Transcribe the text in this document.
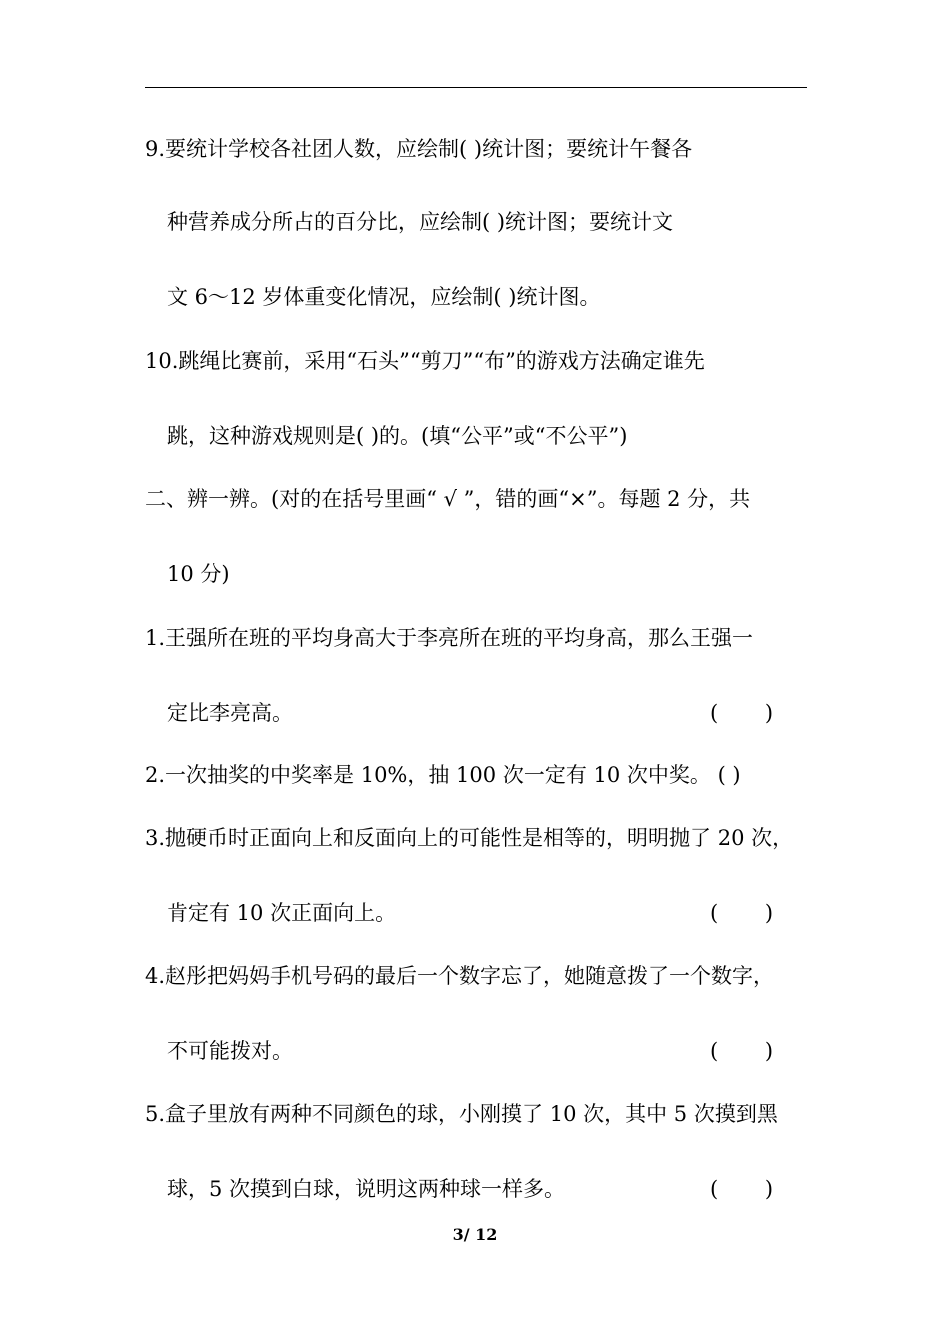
9.要统计学校各社团人数，应绘制( )统计图；要统计午餐各
种营养成分所占的百分比，应绘制( )统计图；要统计文
文 6～12 岁体重变化情况，应绘制( )统计图。
10.跳绳比赛前，采用“石头”“剪刀”“布”的游戏方法确定谁先
跳，这种游戏规则是( )的。(填“公平”或“不公平”)
二、辨一辨。(对的在括号里画“ √ ”，错的画“×”。每题 2 分，共
10 分)
1.王强所在班的平均身高大于李亮所在班的平均身高，那么王强一
定比李亮高。	(       )
2.一次抽奖的中奖率是 10%，抽 100 次一定有 10 次中奖。 ( )
3.抛硬币时正面向上和反面向上的可能性是相等的，明明抛了 20 次，
肯定有 10 次正面向上。	(       )
4.赵彤把妈妈手机号码的最后一个数字忘了，她随意拨了一个数字，
不可能拨对。	(       )
5.盒子里放有两种不同颜色的球，小刚摸了 10 次，其中 5 次摸到黑
球，5 次摸到白球，说明这两种球一样多。	(       )
3/ 12
